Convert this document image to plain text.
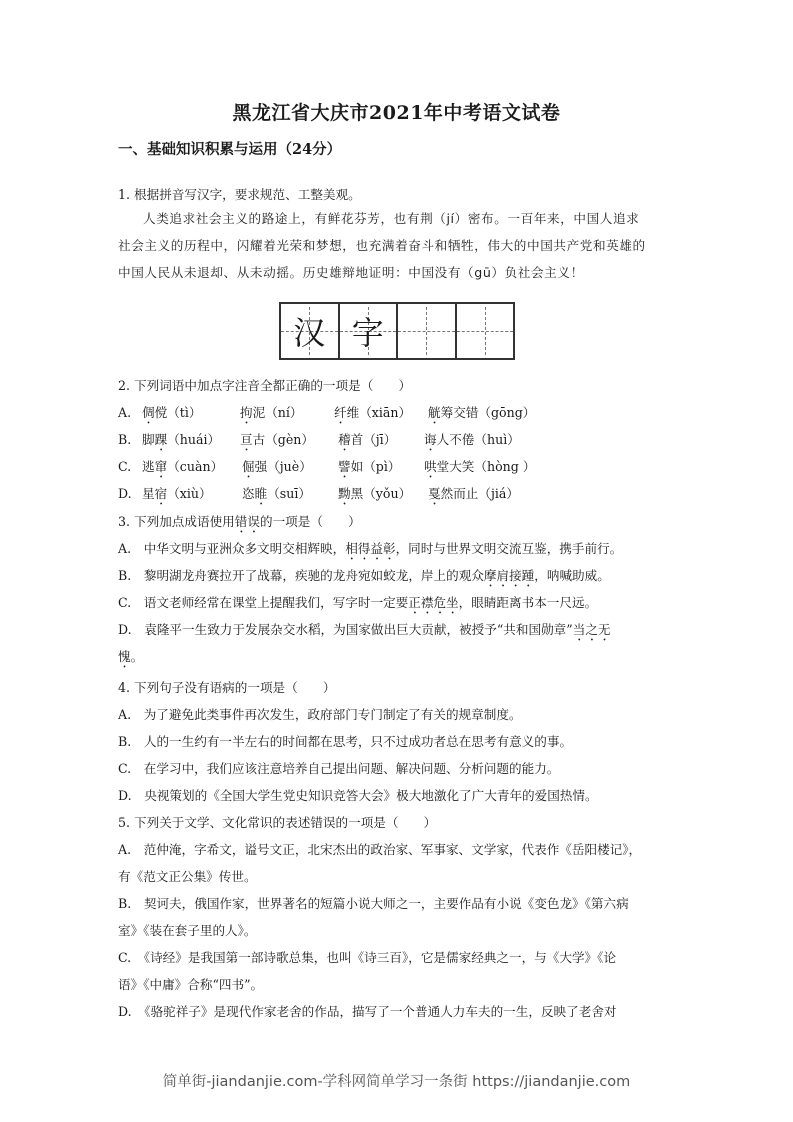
黑龙江省大庆市2021年中考语文试卷
一、基础知识积累与运用（24分）
1. 根据拼音写汉字，要求规范、工整美观。
人类追求社会主义的路途上，有鲜花芬芳，也有荆（jí）密布。一百年来，中国人追求
社会主义的历程中，闪耀着光荣和梦想，也充满着奋斗和牺牲，伟大的中国共产党和英雄的
中国人民从未退却、从未动摇。历史雄辩地证明：中国没有（gū）负社会主义！
汉 字
2. 下列词语中加点字注音全都正确的一项是（　　）
A. 倜傥（tì）	拘泥（ní） 纤维（xiān） 觥筹交错（gōng）
B. 脚踝（huái） 亘古（gèn） 稽首（jī） 诲人不倦（huì）
C. 逃窜（cuàn） 倔强（juè） 譬如（pì） 哄堂大笑（hòng ）
D. 星宿（xiù） 恣睢（suī） 黝黑（yǒu） 戛然而止（jiá）
3. 下列加点成语使用错误的一项是（　　）
A.　中华文明与亚洲众多文明交相辉映，相得益彰，同时与世界文明交流互鉴，携手前行。
B.　黎明湖龙舟赛拉开了战幕，疾驰的龙舟宛如蛟龙，岸上的观众摩肩接踵，呐喊助威。
C.　语文老师经常在课堂上提醒我们，写字时一定要正襟危坐，眼睛距离书本一尺远。
D.　袁隆平一生致力于发展杂交水稻，为国家做出巨大贡献，被授予“共和国勋章”当之无
愧。
4. 下列句子没有语病的一项是（　　）
A.　为了避免此类事件再次发生，政府部门专门制定了有关的规章制度。
B.　人的一生约有一半左右的时间都在思考，只不过成功者总在思考有意义的事。
C.　在学习中，我们应该注意培养自己提出问题、解决问题、分析问题的能力。
D.　央视策划的《全国大学生党史知识竞答大会》极大地激化了广大青年的爱国热情。
5. 下列关于文学、文化常识的表述错误的一项是（　　）
A.　范仲淹，字希文，谥号文正，北宋杰出的政治家、军事家、文学家，代表作《岳阳楼记》，
有《范文正公集》传世。
B.　契诃夫，俄国作家，世界著名的短篇小说大师之一，主要作品有小说《变色龙》《第六病
室》《装在套子里的人》。
C.　《诗经》是我国第一部诗歌总集，也叫《诗三百》，它是儒家经典之一，与《大学》《论
语》《中庸》合称“四书”。
D.　《骆驼祥子》是现代作家老舍的作品，描写了一个普通人力车夫的一生，反映了老舍对
简单街-jiandanjie.com-学科网简单学习一条街 https://jiandanjie.com
